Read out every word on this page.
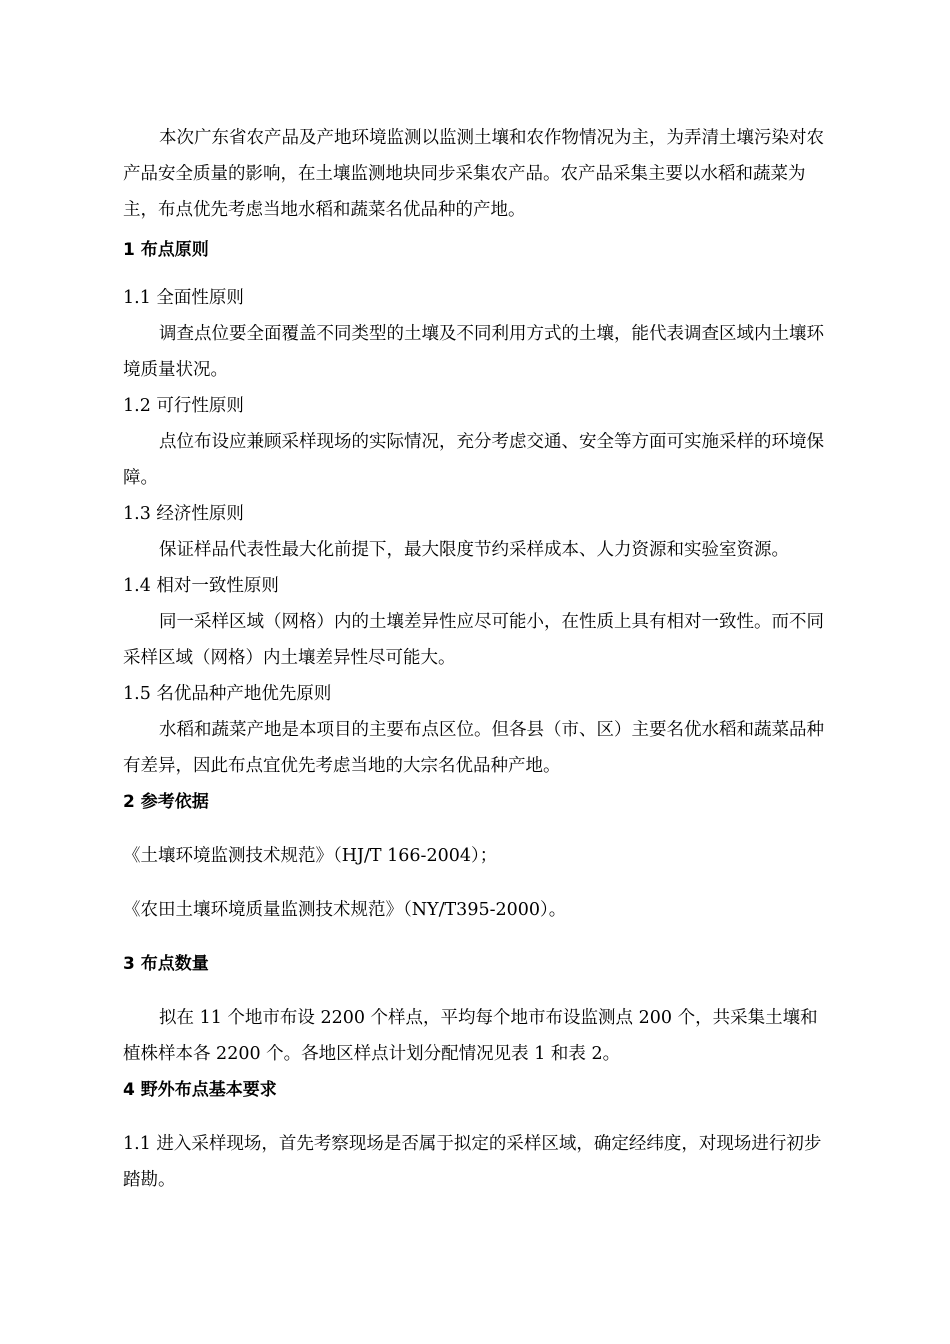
本次广东省农产品及产地环境监测以监测土壤和农作物情况为主，为弄清土壤污染对农产品安全质量的影响，在土壤监测地块同步采集农产品。农产品采集主要以水稻和蔬菜为主，布点优先考虑当地水稻和蔬菜名优品种的产地。

1 布点原则

1.1 全面性原则

调查点位要全面覆盖不同类型的土壤及不同利用方式的土壤，能代表调查区域内土壤环境质量状况。

1.2 可行性原则

点位布设应兼顾采样现场的实际情况，充分考虑交通、安全等方面可实施采样的环境保障。

1.3 经济性原则

保证样品代表性最大化前提下，最大限度节约采样成本、人力资源和实验室资源。

1.4 相对一致性原则

同一采样区域（网格）内的土壤差异性应尽可能小，在性质上具有相对一致性。而不同采样区域（网格）内土壤差异性尽可能大。

1.5 名优品种产地优先原则

水稻和蔬菜产地是本项目的主要布点区位。但各县（市、区）主要名优水稻和蔬菜品种有差异，因此布点宜优先考虑当地的大宗名优品种产地。

2 参考依据

《土壤环境监测技术规范》（HJ/T 166-2004）；

《农田土壤环境质量监测技术规范》（NY/T395-2000）。

3 布点数量

拟在 11 个地市布设 2200 个样点，平均每个地市布设监测点 200 个，共采集土壤和植株样本各 2200 个。各地区样点计划分配情况见表 1 和表 2。

4 野外布点基本要求

1.1 进入采样现场，首先考察现场是否属于拟定的采样区域，确定经纬度，对现场进行初步踏勘。
